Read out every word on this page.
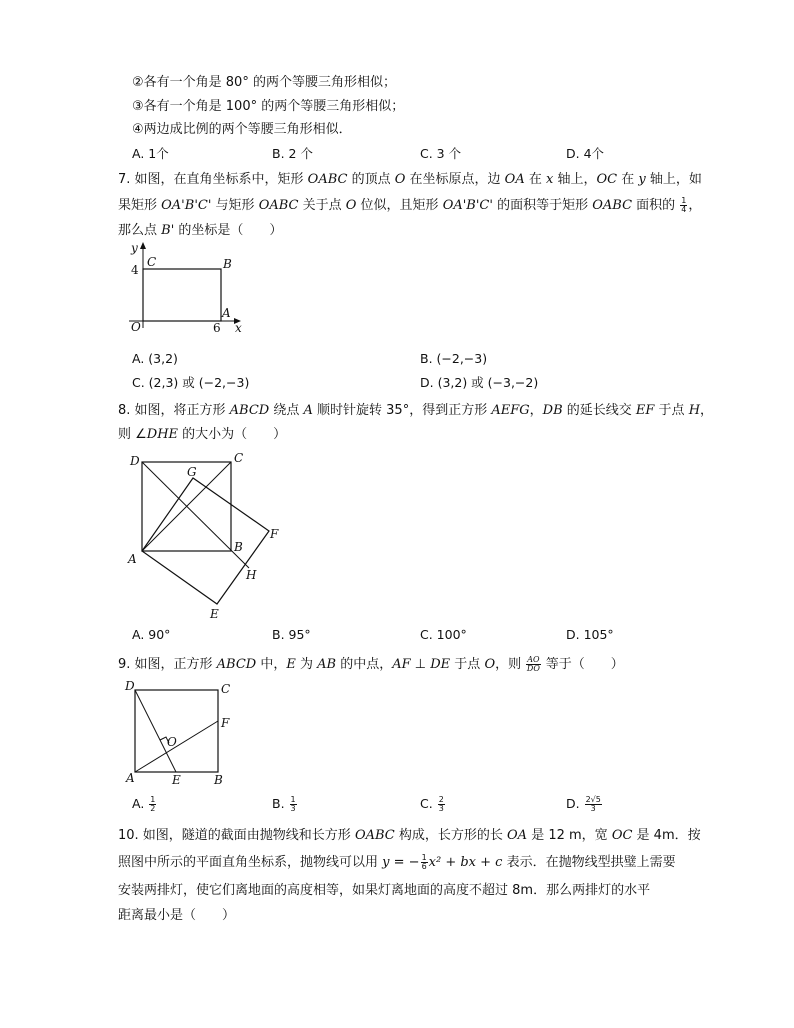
②各有一个角是 80° 的两个等腰三角形相似；
③各有一个角是 100° 的两个等腰三角形相似；
④两边成比例的两个等腰三角形相似．
A. 1个	B. 2 个	C. 3 个	D. 4个
7. 如图，在直角坐标系中，矩形 OABC 的顶点 O 在坐标原点，边 OA 在 x 轴上，OC 在 y 轴上，如
果矩形 OA'B'C' 与矩形 OABC 关于点 O 位似，且矩形 OA'B'C' 的面积等于矩形 OABC 面积的 $\frac{1}{4}$ ，
那么点 B' 的坐标是（　　）
y
x
C	B
O
A
4
6
A. (3,2)	B. (−2,−3)
C. (2,3) 或 (−2,−3)	D. (3,2) 或 (−3,−2)
8. 如图，将正方形 ABCD 绕点 A 顺时针旋转 35°，得到正方形 AEFG，DB 的延长线交 EF 于点 H，
则 ∠DHE 的大小为（　　）
D
G
C
F
A
B
H
E
A. 90°	B. 95°	C. 100°	D. 105°
9. 如图，正方形 ABCD 中，E 为 AB 的中点，AF ⊥ DE 于点 O，则 $\frac{AO}{DO}$ 等于（　　）
D	C
F
O
A	E	B
A. $\frac{1}{2}$	B. $\frac{1}{3}$	C. $\frac{2}{3}$	D. $\frac{2√5}{3}$
10. 如图，隧道的截面由抛物线和长方形 OABC 构成，长方形的长 OA 是 12 m，宽 OC 是 4m．按
照图中所示的平面直角坐标系，抛物线可以用 y = − $\frac{1}{6} x^2$ + bx + c 表示．在抛物线型拱璧上需要
安装两排灯，使它们离地面的高度相等，如果灯离地面的高度不超过 8m．那么两排灯的水平
距离最小是（　　）
